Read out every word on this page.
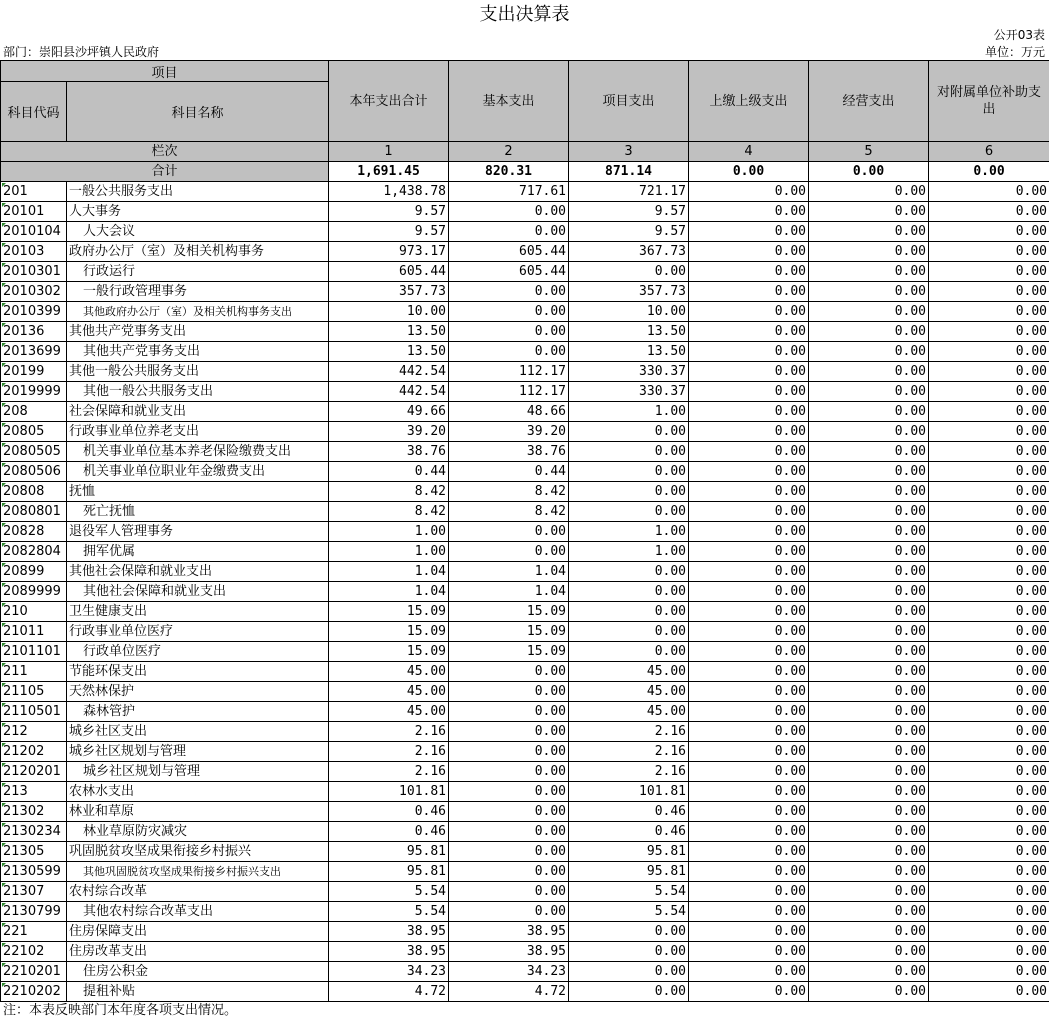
支出决算表
公开03表
部门：崇阳县沙坪镇人民政府	单位：万元
项目		本年支出合计	基本支出	项目支出	上缴上级支出	经营支出	对附属单位补助支出
科目代码	科目名称						
栏次		1	2	3	4	5	6
合计		1,691.45	820.31	871.14	0.00	0.00	0.00
201	一般公共服务支出	1,438.78	717.61	721.17	0.00	0.00	0.00
20101	人大事务	9.57	0.00	9.57	0.00	0.00	0.00
2010104	人大会议	9.57	0.00	9.57	0.00	0.00	0.00
20103	政府办公厅（室）及相关机构事务	973.17	605.44	367.73	0.00	0.00	0.00
2010301	行政运行	605.44	605.44	0.00	0.00	0.00	0.00
2010302	一般行政管理事务	357.73	0.00	357.73	0.00	0.00	0.00
2010399	其他政府办公厅（室）及相关机构事务支出	10.00	0.00	10.00	0.00	0.00	0.00
20136	其他共产党事务支出	13.50	0.00	13.50	0.00	0.00	0.00
2013699	其他共产党事务支出	13.50	0.00	13.50	0.00	0.00	0.00
20199	其他一般公共服务支出	442.54	112.17	330.37	0.00	0.00	0.00
2019999	其他一般公共服务支出	442.54	112.17	330.37	0.00	0.00	0.00
208	社会保障和就业支出	49.66	48.66	1.00	0.00	0.00	0.00
20805	行政事业单位养老支出	39.20	39.20	0.00	0.00	0.00	0.00
2080505	机关事业单位基本养老保险缴费支出	38.76	38.76	0.00	0.00	0.00	0.00
2080506	机关事业单位职业年金缴费支出	0.44	0.44	0.00	0.00	0.00	0.00
20808	抚恤	8.42	8.42	0.00	0.00	0.00	0.00
2080801	死亡抚恤	8.42	8.42	0.00	0.00	0.00	0.00
20828	退役军人管理事务	1.00	0.00	1.00	0.00	0.00	0.00
2082804	拥军优属	1.00	0.00	1.00	0.00	0.00	0.00
20899	其他社会保障和就业支出	1.04	1.04	0.00	0.00	0.00	0.00
2089999	其他社会保障和就业支出	1.04	1.04	0.00	0.00	0.00	0.00
210	卫生健康支出	15.09	15.09	0.00	0.00	0.00	0.00
21011	行政事业单位医疗	15.09	15.09	0.00	0.00	0.00	0.00
2101101	行政单位医疗	15.09	15.09	0.00	0.00	0.00	0.00
211	节能环保支出	45.00	0.00	45.00	0.00	0.00	0.00
21105	天然林保护	45.00	0.00	45.00	0.00	0.00	0.00
2110501	森林管护	45.00	0.00	45.00	0.00	0.00	0.00
212	城乡社区支出	2.16	0.00	2.16	0.00	0.00	0.00
21202	城乡社区规划与管理	2.16	0.00	2.16	0.00	0.00	0.00
2120201	城乡社区规划与管理	2.16	0.00	2.16	0.00	0.00	0.00
213	农林水支出	101.81	0.00	101.81	0.00	0.00	0.00
21302	林业和草原	0.46	0.00	0.46	0.00	0.00	0.00
2130234	林业草原防灾减灾	0.46	0.00	0.46	0.00	0.00	0.00
21305	巩固脱贫攻坚成果衔接乡村振兴	95.81	0.00	95.81	0.00	0.00	0.00
2130599	其他巩固脱贫攻坚成果衔接乡村振兴支出	95.81	0.00	95.81	0.00	0.00	0.00
21307	农村综合改革	5.54	0.00	5.54	0.00	0.00	0.00
2130799	其他农村综合改革支出	5.54	0.00	5.54	0.00	0.00	0.00
221	住房保障支出	38.95	38.95	0.00	0.00	0.00	0.00
22102	住房改革支出	38.95	38.95	0.00	0.00	0.00	0.00
2210201	住房公积金	34.23	34.23	0.00	0.00	0.00	0.00
2210202	提租补贴	4.72	4.72	0.00	0.00	0.00	0.00
注：本表反映部门本年度各项支出情况。
